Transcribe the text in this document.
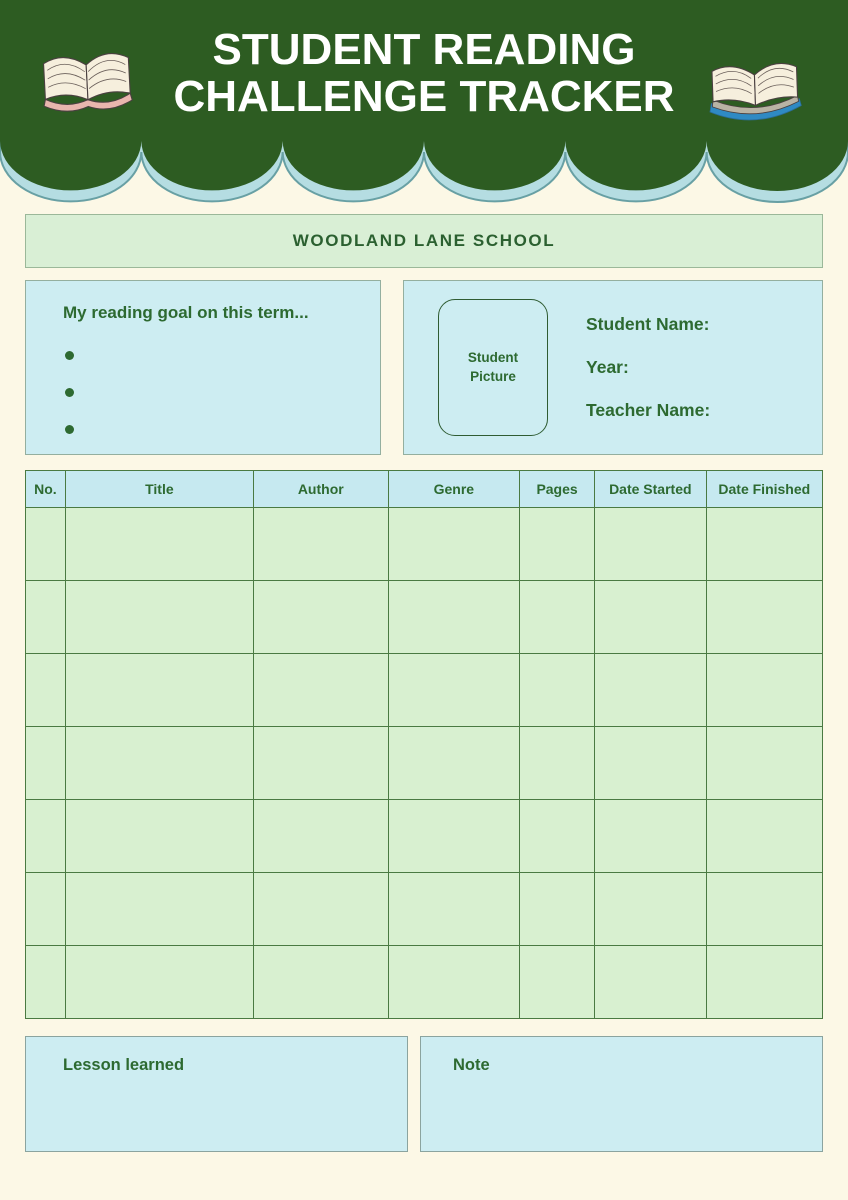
STUDENT READING
CHALLENGE TRACKER
WOODLAND LANE SCHOOL
My reading goal on this term...
Student Picture
Student Name:
Year:
Teacher Name:
No.	Title	Author	Genre	Pages	Date Started	Date Finished

Lesson learned	Note
